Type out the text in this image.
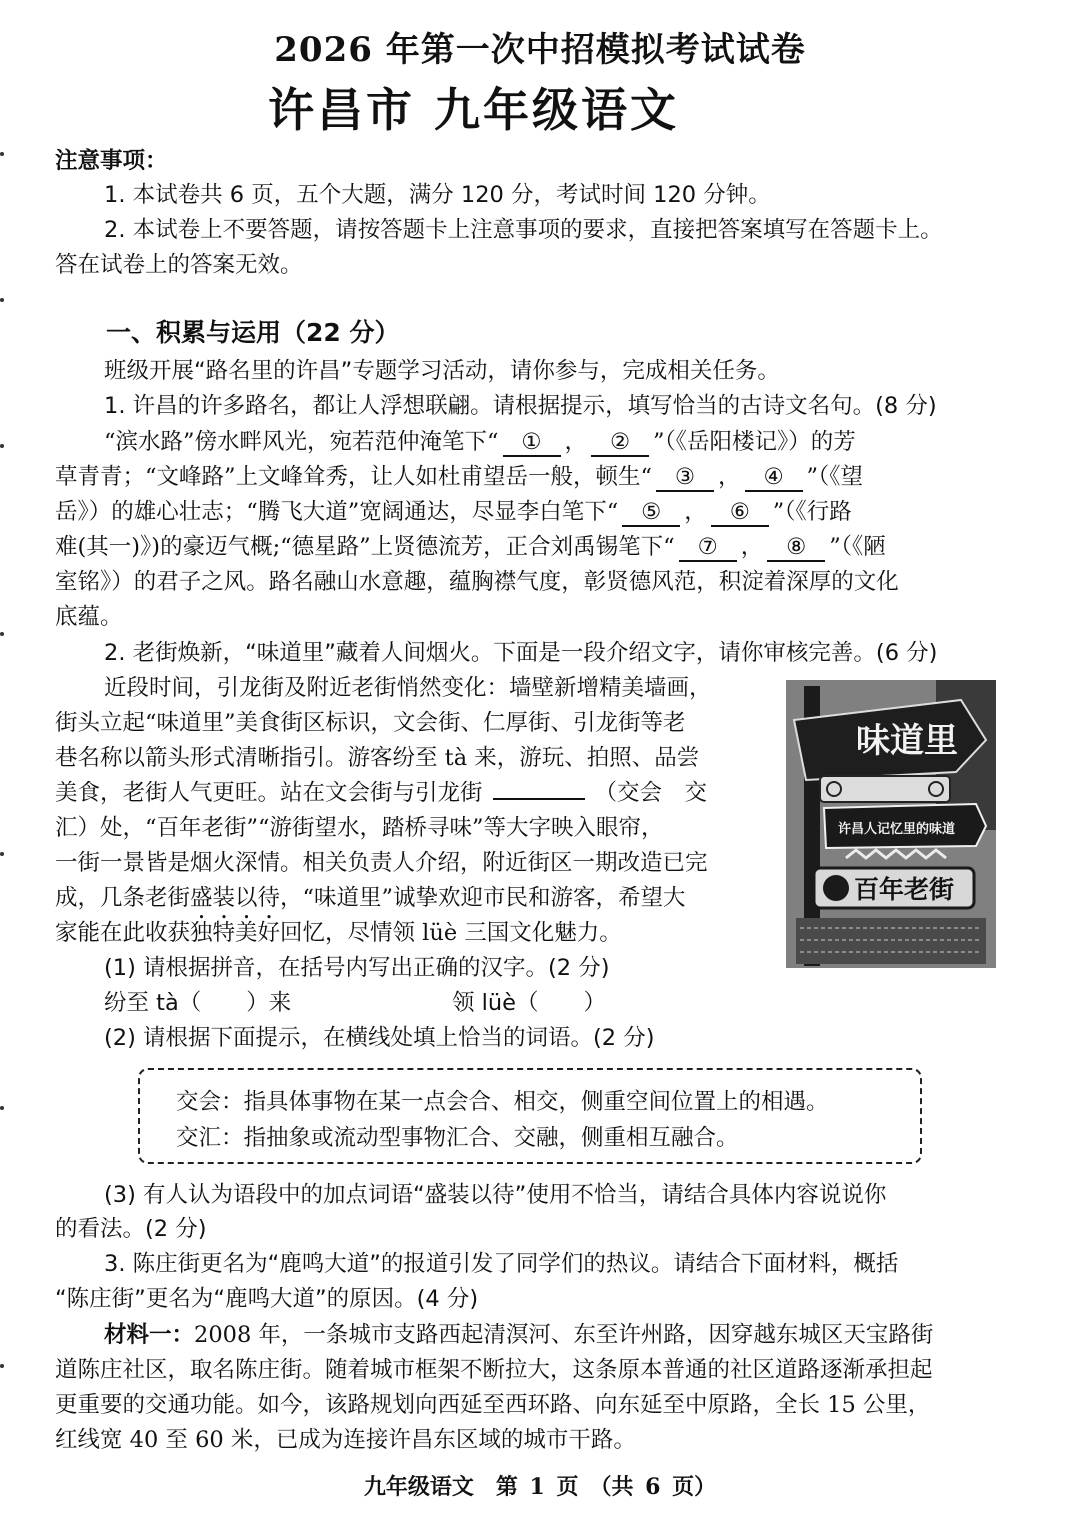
2026 年第一次中招模拟考试试卷
许昌市 九年级语文
注意事项：
1. 本试卷共 6 页，五个大题，满分 120 分，考试时间 120 分钟。
2. 本试卷上不要答题，请按答题卡上注意事项的要求，直接把答案填写在答题卡上。
答在试卷上的答案无效。
一、积累与运用（22 分）
班级开展“路名里的许昌”专题学习活动，请你参与，完成相关任务。
1. 许昌的许多路名，都让人浮想联翩。请根据提示，填写恰当的古诗文名句。(8 分)
“滨水路”傍水畔风光，宛若范仲淹笔下“ ① ， ② ”（《岳阳楼记》）的芳
草青青；“文峰路”上文峰耸秀，让人如杜甫望岳一般，顿生“ ③ ， ④ ”（《望
岳》）的雄心壮志；“腾飞大道”宽阔通达，尽显李白笔下“ ⑤ ， ⑥ ”（《行路
难(其一)》)的豪迈气概;“德星路”上贤德流芳，正合刘禹锡笔下“ ⑦ ， ⑧ ”（《陋
室铭》）的君子之风。路名融山水意趣，蕴胸襟气度，彰贤德风范，积淀着深厚的文化
底蕴。
2. 老街焕新，“味道里”藏着人间烟火。下面是一段介绍文字，请你审核完善。(6 分)
近段时间，引龙街及附近老街悄然变化：墙壁新增精美墙画，
街头立起“味道里”美食街区标识，文会街、仁厚街、引龙街等老
巷名称以箭头形式清晰指引。游客纷至 tà 来，游玩、拍照、品尝
美食，老街人气更旺。站在文会街与引龙街	（交会　交
汇）处，“百年老街”“游街望水，踏桥寻味”等大字映入眼帘，
一街一景皆是烟火深情。相关负责人介绍，附近街区一期改造已完
成，几条老街盛装以待，“味道里”诚挚欢迎市民和游客，希望大
家能在此收获独特美好回忆，尽情领 lüè 三国文化魅力。
味道里
许昌人记忆里的味道
百年老街
(1) 请根据拼音，在括号内写出正确的汉字。(2 分)
纷至 tà（　　）来	领 lüè（　　）
(2) 请根据下面提示，在横线处填上恰当的词语。(2 分)
交会：指具体事物在某一点会合、相交，侧重空间位置上的相遇。
交汇：指抽象或流动型事物汇合、交融，侧重相互融合。
(3) 有人认为语段中的加点词语“盛装以待”使用不恰当，请结合具体内容说说你
的看法。(2 分)
3. 陈庄街更名为“鹿鸣大道”的报道引发了同学们的热议。请结合下面材料，概括
“陈庄街”更名为“鹿鸣大道”的原因。(4 分)
材料一：2008 年，一条城市支路西起清溟河、东至许州路，因穿越东城区天宝路街
道陈庄社区，取名陈庄街。随着城市框架不断拉大，这条原本普通的社区道路逐渐承担起
更重要的交通功能。如今，该路规划向西延至西环路、向东延至中原路，全长 15 公里，
红线宽 40 至 60 米，已成为连接许昌东区域的城市干路。
九年级语文　第 1 页　（共 6 页）
